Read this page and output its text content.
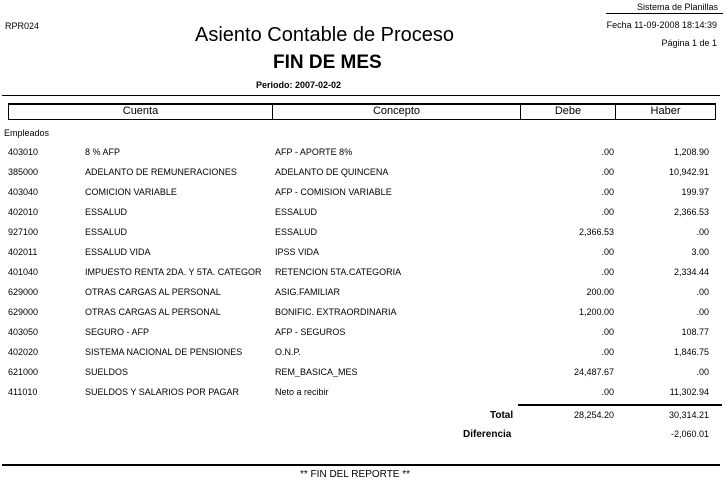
Sistema de Planillas
RPR024	Fecha 11-09-2008 18:14:39
Página 1 de 1
Asiento Contable de Proceso
FIN DE MES
Periodo: 2007-02-02
Cuenta	Concepto	Debe	Haber
Empleados
403010	8 % AFP	AFP - APORTE 8%	.00	1,208.90
385000	ADELANTO DE REMUNERACIONES	ADELANTO DE QUINCENA	.00	10,942.91
403040	COMICION VARIABLE	AFP - COMISION VARIABLE	.00	199.97
402010	ESSALUD	ESSALUD	.00	2,366.53
927100	ESSALUD	ESSALUD	2,366.53	.00
402011	ESSALUD VIDA	IPSS VIDA	.00	3.00
401040	IMPUESTO RENTA 2DA. Y 5TA. CATEGOR	RETENCION 5TA.CATEGORIA	.00	2,334.44
629000	OTRAS CARGAS AL PERSONAL	ASIG.FAMILIAR	200.00	.00
629000	OTRAS CARGAS AL PERSONAL	BONIFIC. EXTRAORDINARIA	1,200.00	.00
403050	SEGURO - AFP	AFP - SEGUROS	.00	108.77
402020	SISTEMA NACIONAL DE PENSIONES	O.N.P.	.00	1,846.75
621000	SUELDOS	REM_BASICA_MES	24,487.67	.00
411010	SUELDOS Y SALARIOS POR PAGAR	Neto a recibir	.00	11,302.94
Total	28,254.20	30,314.21
Diferencia	-2,060.01
** FIN DEL REPORTE **
